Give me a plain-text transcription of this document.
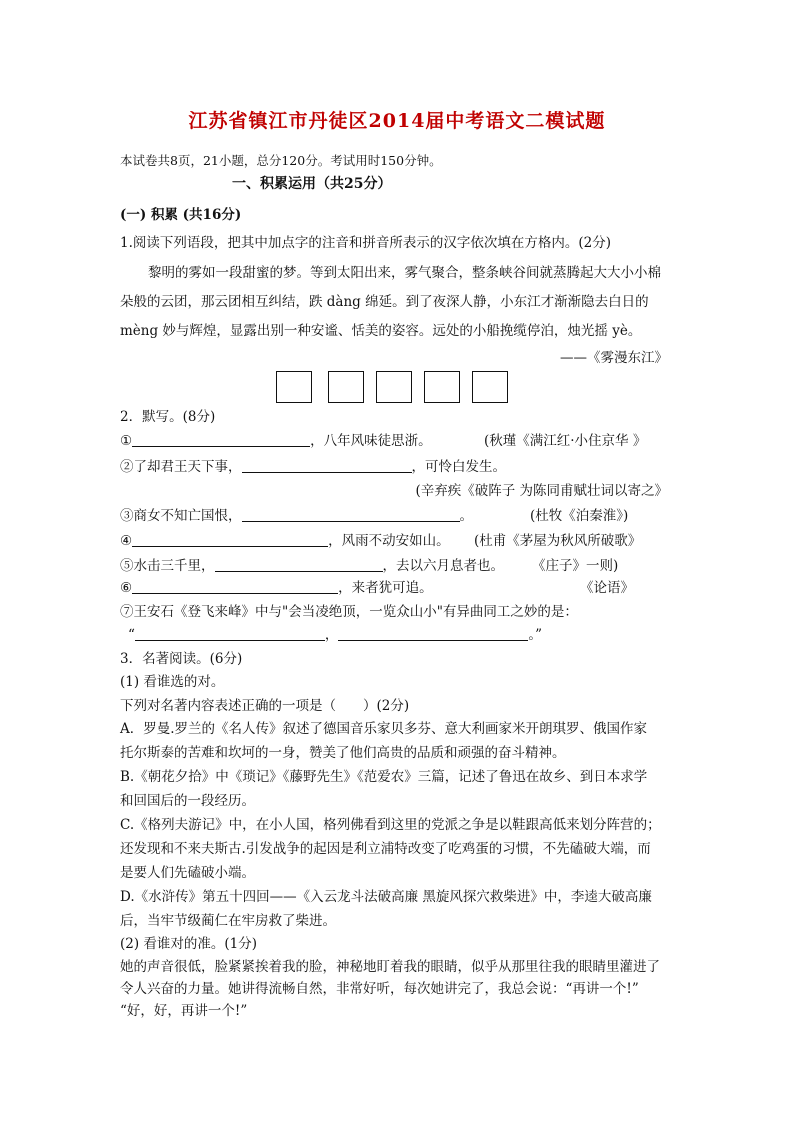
江苏省镇江市丹徒区2014届中考语文二模试题
本试卷共8页，21小题，总分120分。考试用时150分钟。
一、积累运用（共25分）
(一) 积累 (共16分)
1.阅读下列语段，把其中加点字的注音和拼音所表示的汉字依次填在方格内。(2分)
黎明的雾如一段甜蜜的梦。等到太阳出来，雾气聚合，整条峡谷间就蒸腾起大大小小棉
朵般的云团，那云团相互纠结，跌 dàng 绵延。到了夜深人静，小东江才渐渐隐去白日的
mèng 妙与辉煌，显露出别一种安谧、恬美的姿容。远处的小船挽缆停泊，烛光摇 yè。
——《雾漫东江》
2．默写。(8分)
①	，八年风味徒思浙。	(秋瑾《满江红·小住京华 》
②了却君王天下事，	，可怜白发生。
(辛弃疾《破阵子 为陈同甫赋壮词以寄之》
③商女不知亡国恨，	。	(杜牧《泊秦淮》)
④	，风雨不动安如山。 (杜甫《茅屋为秋风所破歌》
⑤水击三千里，	，去以六月息者也。 《庄子》一则)
⑥	，来者犹可追。	《论语》
⑦王安石《登飞来峰》中与"会当凌绝顶，一览众山小"有异曲同工之妙的是：
“	，	。”
3．名著阅读。(6分)
(1) 看谁选的对。
下列对名著内容表述正确的一项是（　　）(2分)
A．罗曼.罗兰的《名人传》叙述了德国音乐家贝多芬、意大利画家米开朗琪罗、俄国作家
托尔斯泰的苦难和坎坷的一身，赞美了他们高贵的品质和顽强的奋斗精神。
B.《朝花夕拾》中《琐记》《藤野先生》《范爱农》三篇，记述了鲁迅在故乡、到日本求学
和回国后的一段经历。
C.《格列夫游记》中，在小人国，格列佛看到这里的党派之争是以鞋跟高低来划分阵营的；
还发现和不来夫斯古.引发战争的起因是利立浦特改变了吃鸡蛋的习惯，不先磕破大端，而
是要人们先磕破小端。
D.《水浒传》第五十四回——《入云龙斗法破高廉 黑旋风探穴救柴进》中，李逵大破高廉
后，当牢节级蔺仁在牢房救了柴进。
(2) 看谁对的准。(1分)
她的声音很低，脸紧紧挨着我的脸，神秘地盯着我的眼睛，似乎从那里往我的眼睛里灌进了
令人兴奋的力量。她讲得流畅自然，非常好听，每次她讲完了，我总会说：“再讲一个!”
“好，好，再讲一个!”
